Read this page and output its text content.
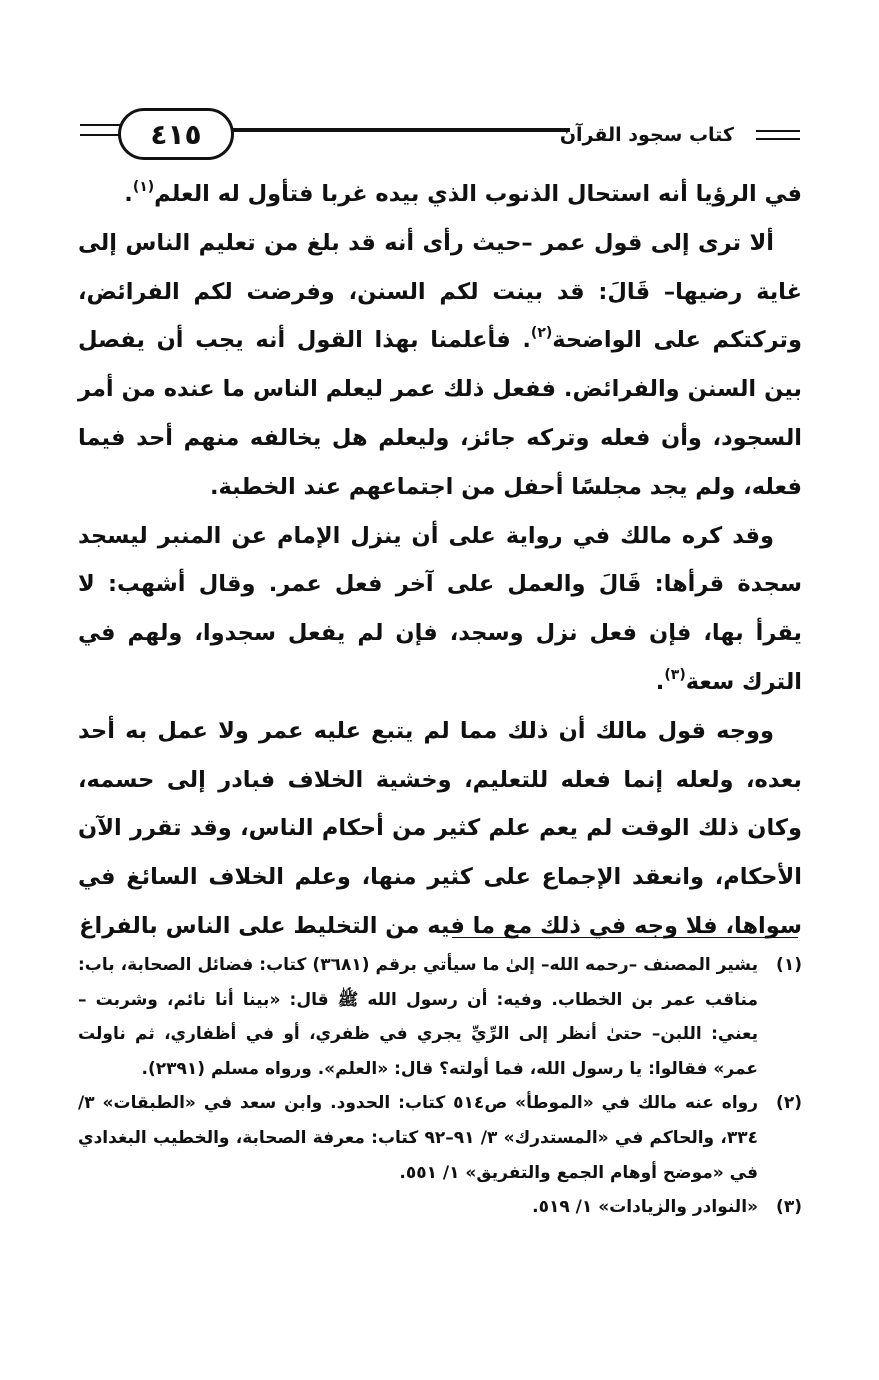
٤١٥	كتاب سجود القرآن

في الرؤيا أنه استحال الذنوب الذي بيده غربا فتأول له العلم$^{(١)}$.

ألا ترى إلى قول عمر –حيث رأى أنه قد بلغ من تعليم الناس إلى غاية رضيها– قَالَ: قد بينت لكم السنن، وفرضت لكم الفرائض، وتركتكم على الواضحة$^{(٢)}$. فأعلمنا بهذا القول أنه يجب أن يفصل بين السنن والفرائض. ففعل ذلك عمر ليعلم الناس ما عنده من أمر السجود، وأن فعله وتركه جائز، وليعلم هل يخالفه منهم أحد فيما فعله، ولم يجد مجلسًا أحفل من اجتماعهم عند الخطبة.

وقد كره مالك في رواية على أن ينزل الإمام عن المنبر ليسجد سجدة قرأها: قَالَ والعمل على آخر فعل عمر. وقال أشهب: لا يقرأ بها، فإن فعل نزل وسجد، فإن لم يفعل سجدوا، ولهم في الترك سعة$^{(٣)}$.

ووجه قول مالك أن ذلك مما لم يتبع عليه عمر ولا عمل به أحد بعده، ولعله إنما فعله للتعليم، وخشية الخلاف فبادر إلى حسمه، وكان ذلك الوقت لم يعم علم كثير من أحكام الناس، وقد تقرر الآن الأحكام، وانعقد الإجماع على كثير منها، وعلم الخلاف السائغ في سواها، فلا وجه في ذلك مع ما فيه من التخليط على الناس بالفراغ

(١)
يشير المصنف –رحمه الله– إلىٰ ما سيأتي برقم (٣٦٨١) كتاب: فضائل الصحابة، باب: مناقب عمر بن الخطاب. وفيه: أن رسول الله ﷺ قال: «بينا أنا نائم، وشربت –يعني: اللبن– حتىٰ أنظر إلى الرِّيِّ يجري في ظفري، أو في أظفاري، ثم ناولت عمر» فقالوا: يا رسول الله، فما أولته؟ قال: «العلم». ورواه مسلم (٢٣٩١).
(٢)
رواه عنه مالك في «الموطأ» ص٥١٤ كتاب: الحدود. وابن سعد في «الطبقات» ٣/ ٣٣٤، والحاكم في «المستدرك» ٣/ ٩١–٩٢ كتاب: معرفة الصحابة، والخطيب البغدادي في «موضح أوهام الجمع والتفريق» ١/ ٥٥١.
(٣)
«النوادر والزيادات» ١/ ٥١٩.
